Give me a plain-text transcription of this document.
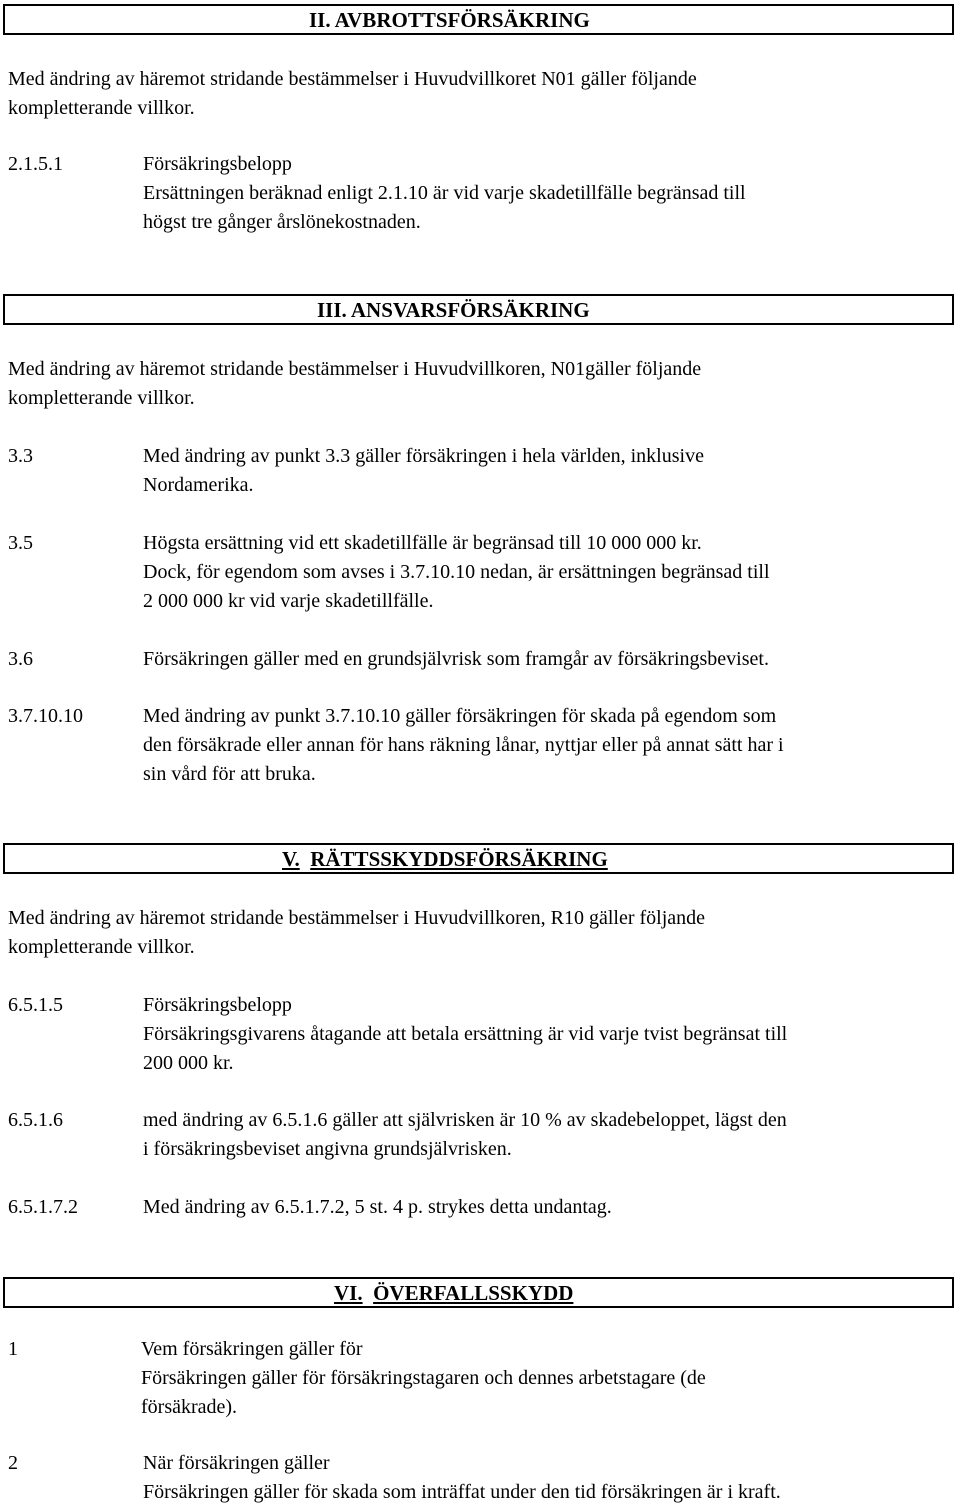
II. AVBROTTSFÖRSÄKRING
Med ändring av häremot stridande bestämmelser i Huvudvillkoret N01 gäller följande
kompletterande villkor.
2.1.5.1	Försäkringsbelopp
Ersättningen beräknad enligt 2.1.10 är vid varje skadetillfälle begränsad till
högst tre gånger årslönekostnaden.
III. ANSVARSFÖRSÄKRING
Med ändring av häremot stridande bestämmelser i Huvudvillkoren, N01gäller följande
kompletterande villkor.
3.3	Med ändring av punkt 3.3 gäller försäkringen i hela världen, inklusive
Nordamerika.
3.5	Högsta ersättning vid ett skadetillfälle är begränsad till 10 000 000 kr.
Dock, för egendom som avses i 3.7.10.10 nedan, är ersättningen begränsad till
2 000 000 kr vid varje skadetillfälle.
3.6	Försäkringen gäller med en grundsjälvrisk som framgår av försäkringsbeviset.
3.7.10.10	Med ändring av punkt 3.7.10.10 gäller försäkringen för skada på egendom som
den försäkrade eller annan för hans räkning lånar, nyttjar eller på annat sätt har i
sin vård för att bruka.
V. RÄTTSSKYDDSFÖRSÄKRING
Med ändring av häremot stridande bestämmelser i Huvudvillkoren, R10 gäller följande
kompletterande villkor.
6.5.1.5	Försäkringsbelopp
Försäkringsgivarens åtagande att betala ersättning är vid varje tvist begränsat till
200 000 kr.
6.5.1.6	med ändring av 6.5.1.6 gäller att självrisken är 10 % av skadebeloppet, lägst den
i försäkringsbeviset angivna grundsjälvrisken.
6.5.1.7.2	Med ändring av 6.5.1.7.2, 5 st. 4 p. strykes detta undantag.
VI. ÖVERFALLSSKYDD
1	Vem försäkringen gäller för
Försäkringen gäller för försäkringstagaren och dennes arbetstagare (de
försäkrade).
2	När försäkringen gäller
Försäkringen gäller för skada som inträffat under den tid försäkringen är i kraft.
